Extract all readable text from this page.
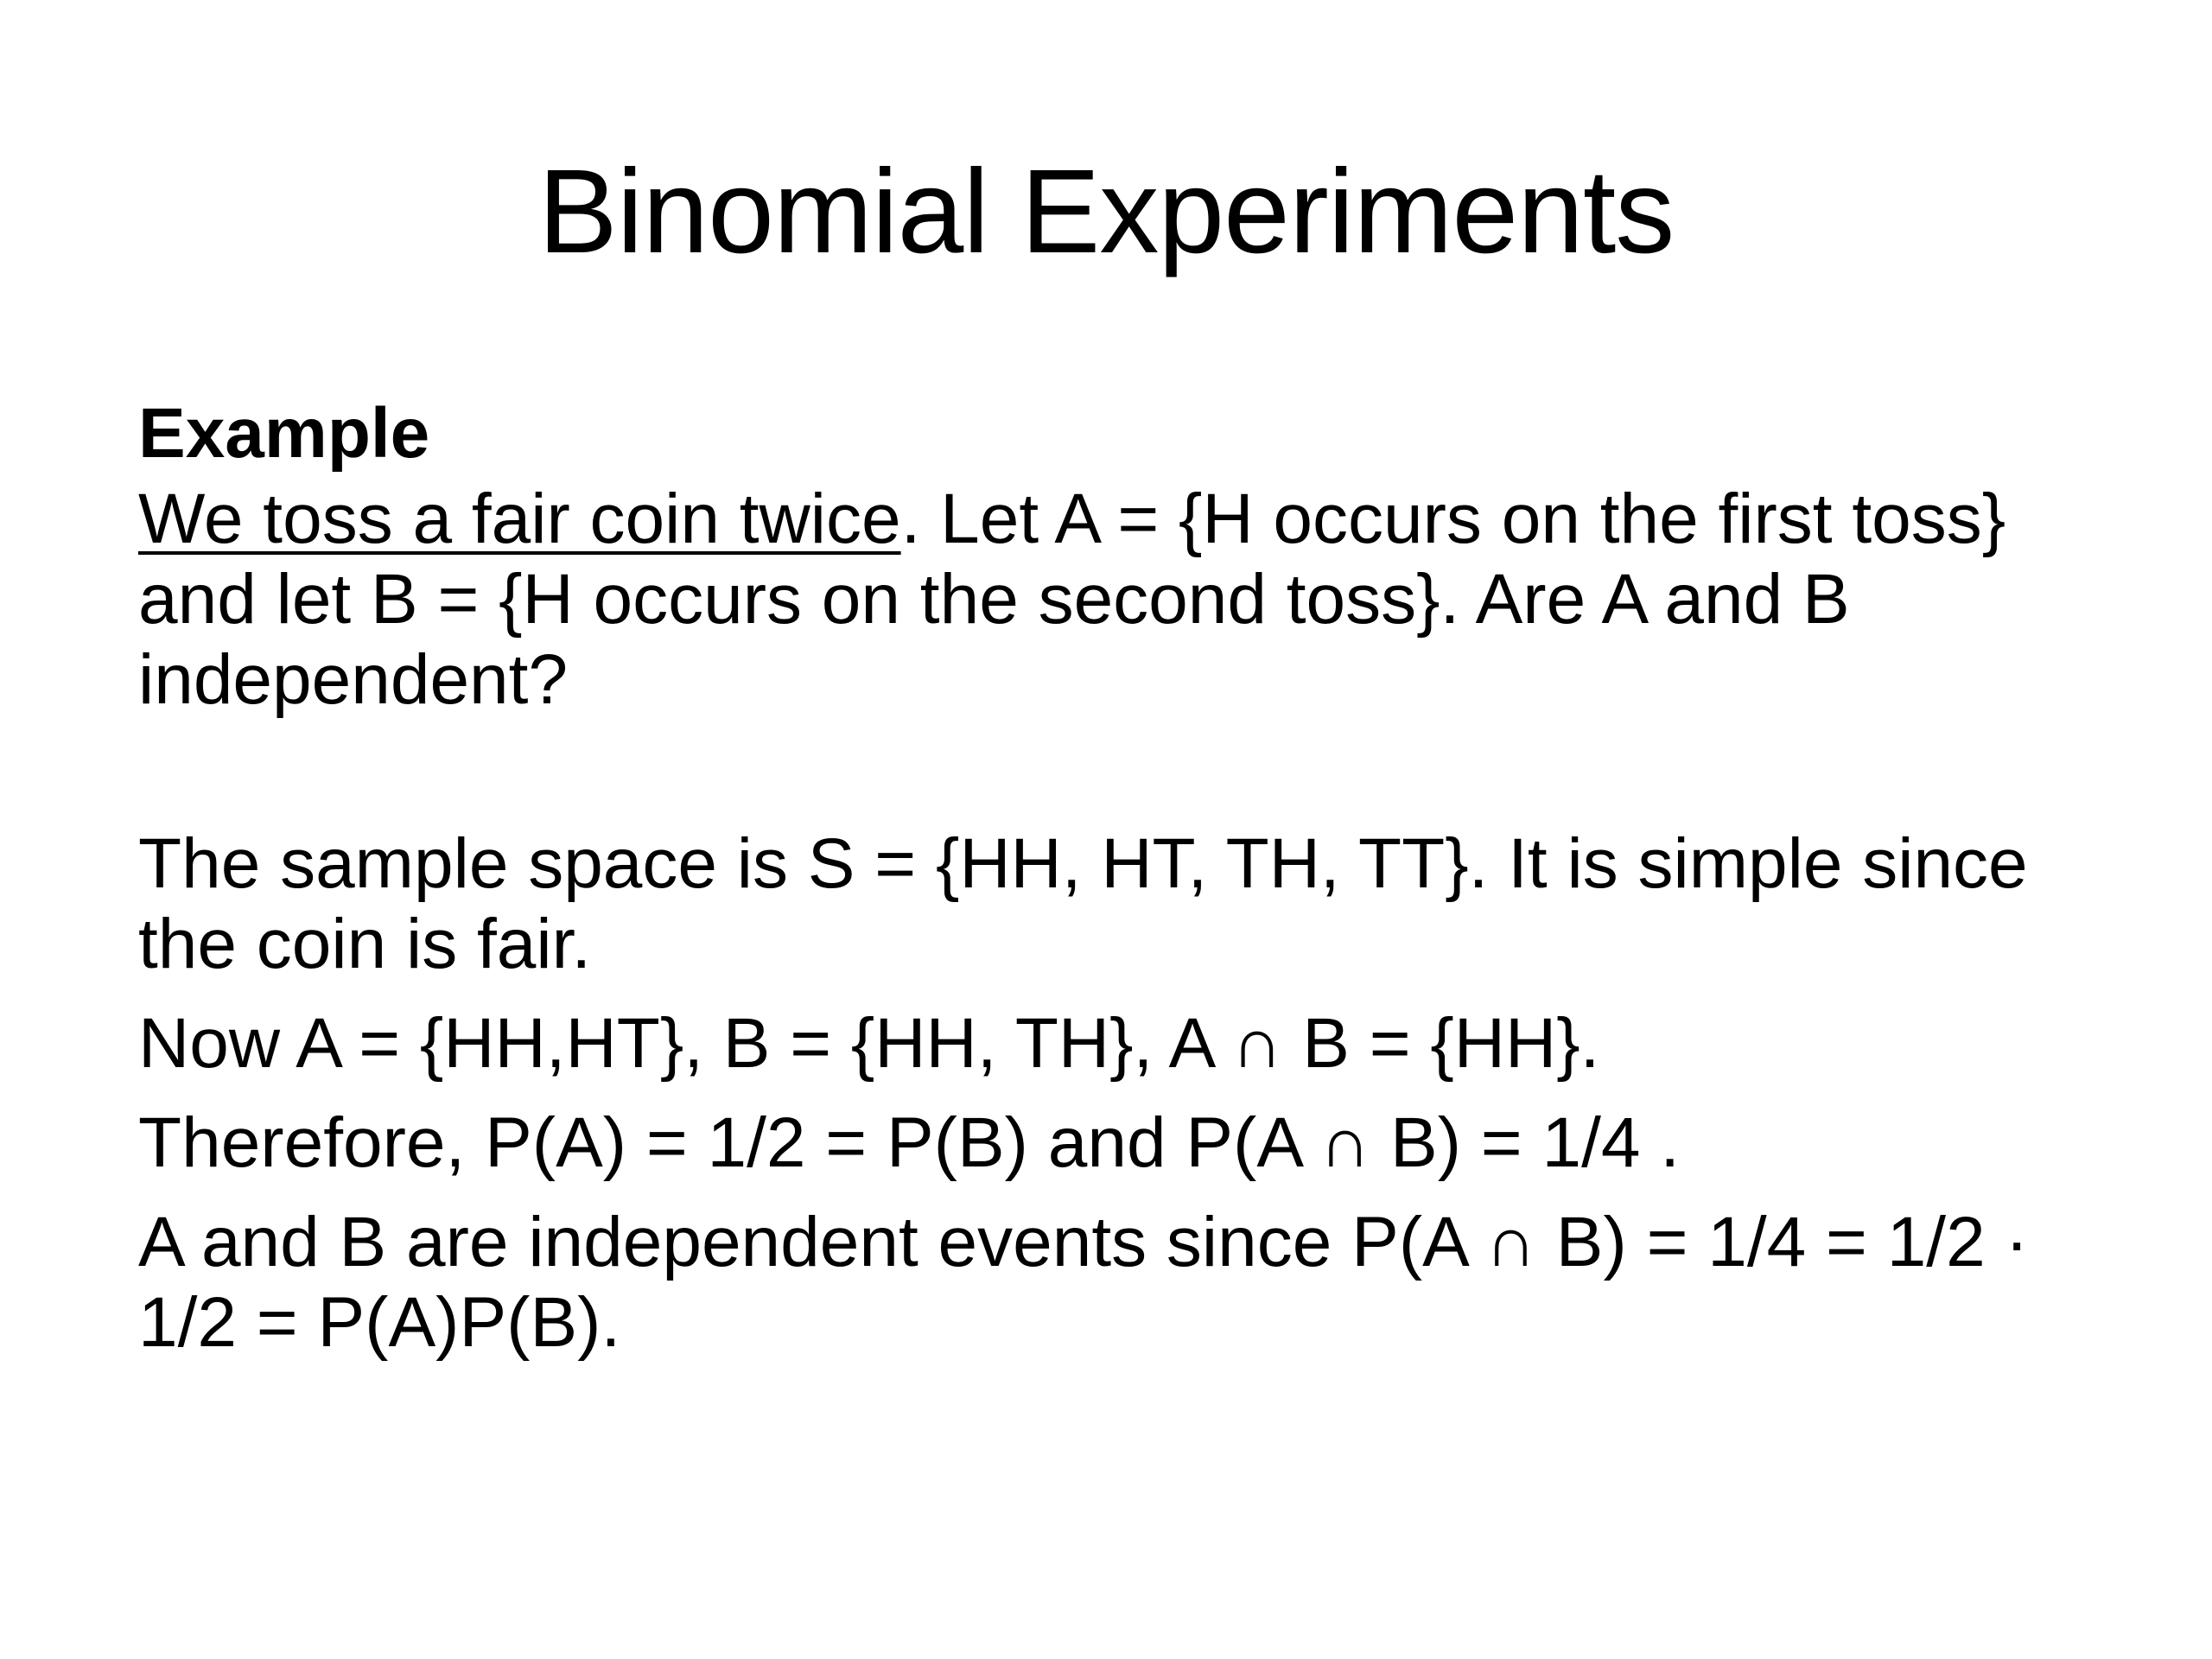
Binomial Experiments

Example

We toss a fair coin twice. Let A = {H occurs on the first toss} and let B = {H occurs on the second toss}. Are A and B independent?

The sample space is S = {HH, HT, TH, TT}. It is simple since the coin is fair.

Now A = {HH,HT}, B = {HH, TH}, A ∩ B = {HH}.

Therefore, P(A) = 1/2 = P(B) and P(A ∩ B) = 1/4 .

A and B are independent events since P(A ∩ B) = 1/4 = 1/2 · 1/2 = P(A)P(B).
